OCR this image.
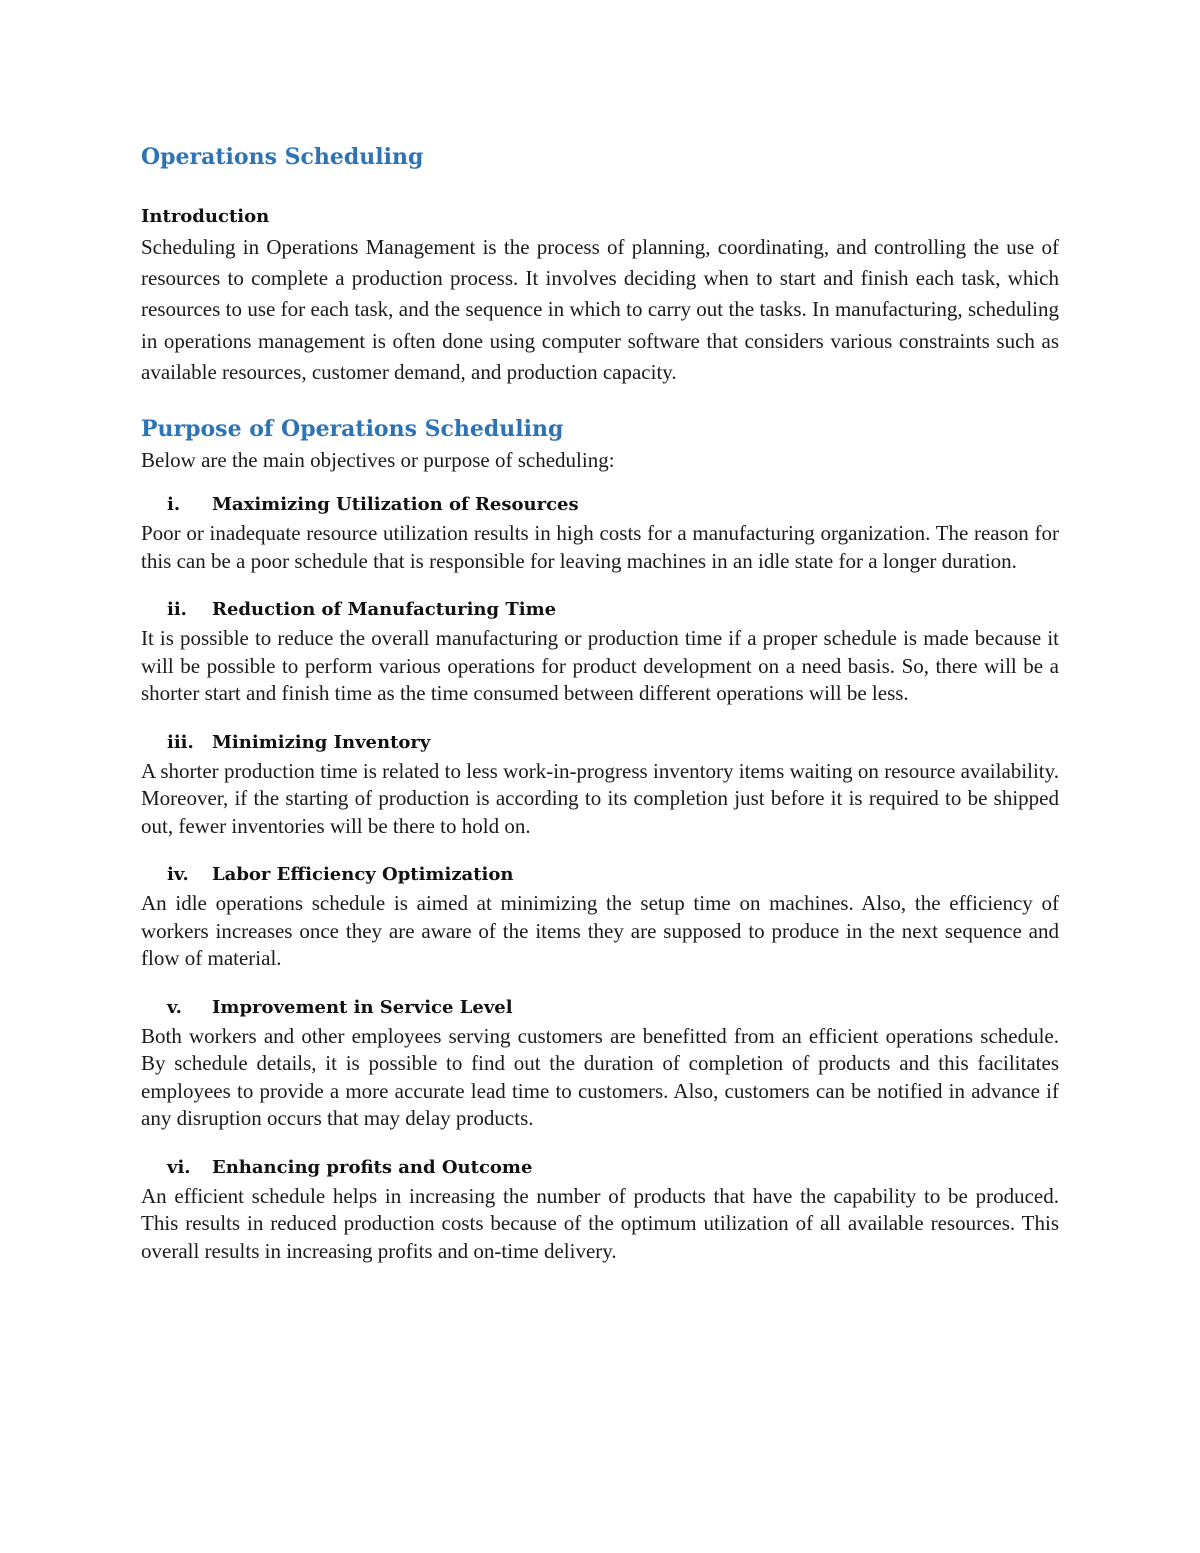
Operations Scheduling
Introduction

Scheduling in Operations Management is the process of planning, coordinating, and controlling the use of resources to complete a production process. It involves deciding when to start and finish each task, which resources to use for each task, and the sequence in which to carry out the tasks. In manufacturing, scheduling in operations management is often done using computer software that considers various constraints such as available resources, customer demand, and production capacity.

Purpose of Operations Scheduling

Below are the main objectives or purpose of scheduling:

i.	Maximizing Utilization of Resources

Poor or inadequate resource utilization results in high costs for a manufacturing organization. The reason for this can be a poor schedule that is responsible for leaving machines in an idle state for a longer duration.

ii.	Reduction of Manufacturing Time

It is possible to reduce the overall manufacturing or production time if a proper schedule is made because it will be possible to perform various operations for product development on a need basis. So, there will be a shorter start and finish time as the time consumed between different operations will be less.

iii.	Minimizing Inventory

A shorter production time is related to less work-in-progress inventory items waiting on resource availability. Moreover, if the starting of production is according to its completion just before it is required to be shipped out, fewer inventories will be there to hold on.

iv.	Labor Efficiency Optimization

An idle operations schedule is aimed at minimizing the setup time on machines. Also, the efficiency of workers increases once they are aware of the items they are supposed to produce in the next sequence and flow of material.

v.	Improvement in Service Level

Both workers and other employees serving customers are benefitted from an efficient operations schedule. By schedule details, it is possible to find out the duration of completion of products and this facilitates employees to provide a more accurate lead time to customers. Also, customers can be notified in advance if any disruption occurs that may delay products.

vi.	Enhancing profits and Outcome

An efficient schedule helps in increasing the number of products that have the capability to be produced. This results in reduced production costs because of the optimum utilization of all available resources. This overall results in increasing profits and on-time delivery.
